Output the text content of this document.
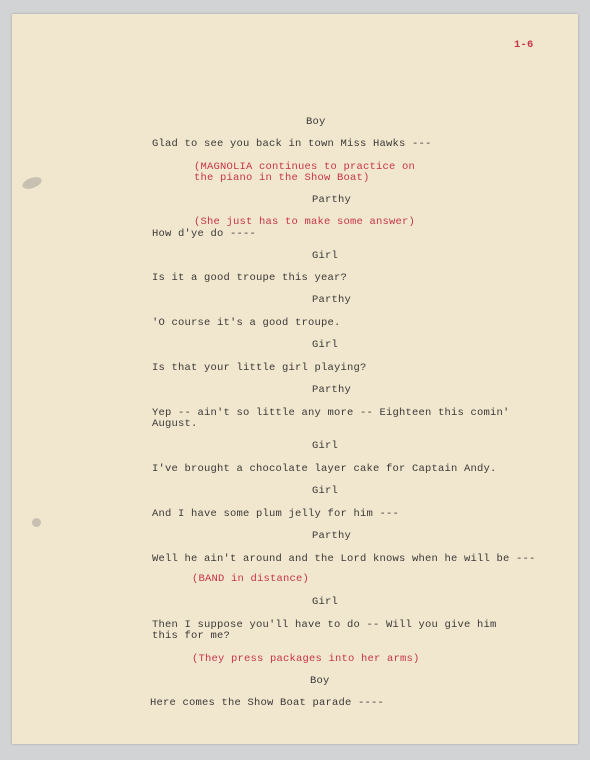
1-6
Boy
Glad to see you back in town Miss Hawks ---
(MAGNOLIA continues to practice on
the piano in the Show Boat)
Parthy
(She just has to make some answer)
How d'ye do ----
Girl
Is it a good troupe this year?
Parthy
'O course it's a good troupe.
Girl
Is that your little girl playing?
Parthy
Yep -- ain't so little any more -- Eighteen this comin'
August.
Girl
I've brought a chocolate layer cake for Captain Andy.
Girl
And I have some plum jelly for him ---
Parthy
Well he ain't around and the Lord knows when he will be ---
(BAND in distance)
Girl
Then I suppose you'll have to do -- Will you give him
this for me?
(They press packages into her arms)
Boy
Here comes the Show Boat parade ----
